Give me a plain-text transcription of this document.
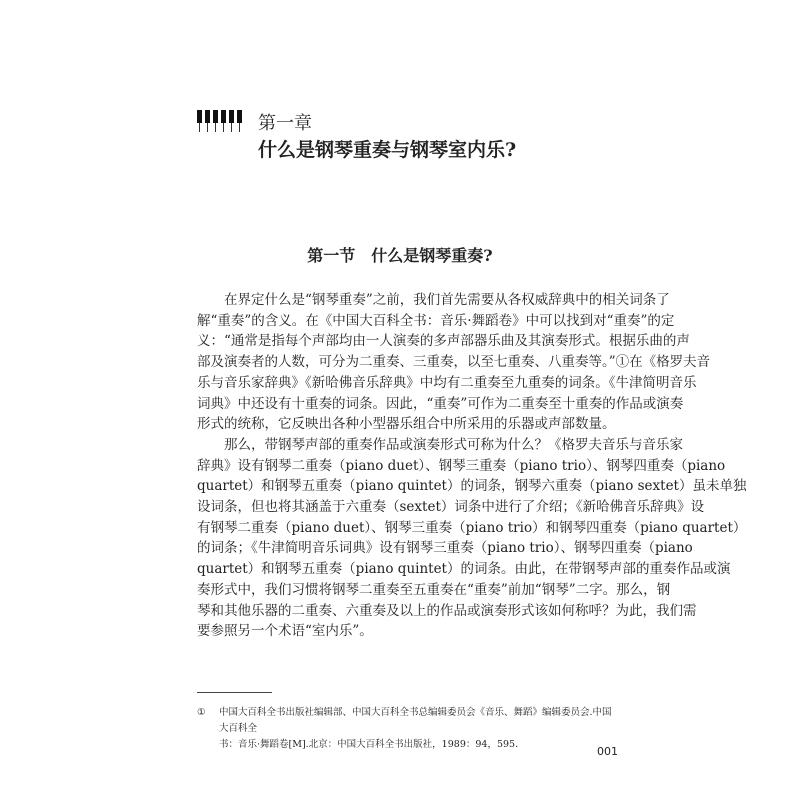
第一章
什么是钢琴重奏与钢琴室内乐?
第一节　什么是钢琴重奏?
在界定什么是“钢琴重奏”之前，我们首先需要从各权威辞典中的相关词条了
解“重奏”的含义。在《中国大百科全书：音乐·舞蹈卷》中可以找到对“重奏”的定
义：“通常是指每个声部均由一人演奏的多声部器乐曲及其演奏形式。根据乐曲的声
部及演奏者的人数，可分为二重奏、三重奏，以至七重奏、八重奏等。”①在《格罗夫音
乐与音乐家辞典》《新哈佛音乐辞典》中均有二重奏至九重奏的词条。《牛津简明音乐
词典》中还设有十重奏的词条。因此，“重奏”可作为二重奏至十重奏的作品或演奏
形式的统称，它反映出各种小型器乐组合中所采用的乐器或声部数量。
那么，带钢琴声部的重奏作品或演奏形式可称为什么？《格罗夫音乐与音乐家
辞典》设有钢琴二重奏（piano duet）、钢琴三重奏（piano trio）、钢琴四重奏（piano
quartet）和钢琴五重奏（piano quintet）的词条，钢琴六重奏（piano sextet）虽未单独
设词条，但也将其涵盖于六重奏（sextet）词条中进行了介绍；《新哈佛音乐辞典》设
有钢琴二重奏（piano duet）、钢琴三重奏（piano trio）和钢琴四重奏（piano quartet）
的词条；《牛津简明音乐词典》设有钢琴三重奏（piano trio）、钢琴四重奏（piano
quartet）和钢琴五重奏（piano quintet）的词条。由此，在带钢琴声部的重奏作品或演
奏形式中，我们习惯将钢琴二重奏至五重奏在“重奏”前加“钢琴”二字。那么，钢
琴和其他乐器的二重奏、六重奏及以上的作品或演奏形式该如何称呼？为此，我们需
要参照另一个术语“室内乐”。
①	中国大百科全书出版社编辑部、中国大百科全书总编辑委员会《音乐、舞蹈》编辑委员会.中国大百科全
书：音乐·舞蹈卷[M].北京：中国大百科全书出版社，1989：94，595.
001
